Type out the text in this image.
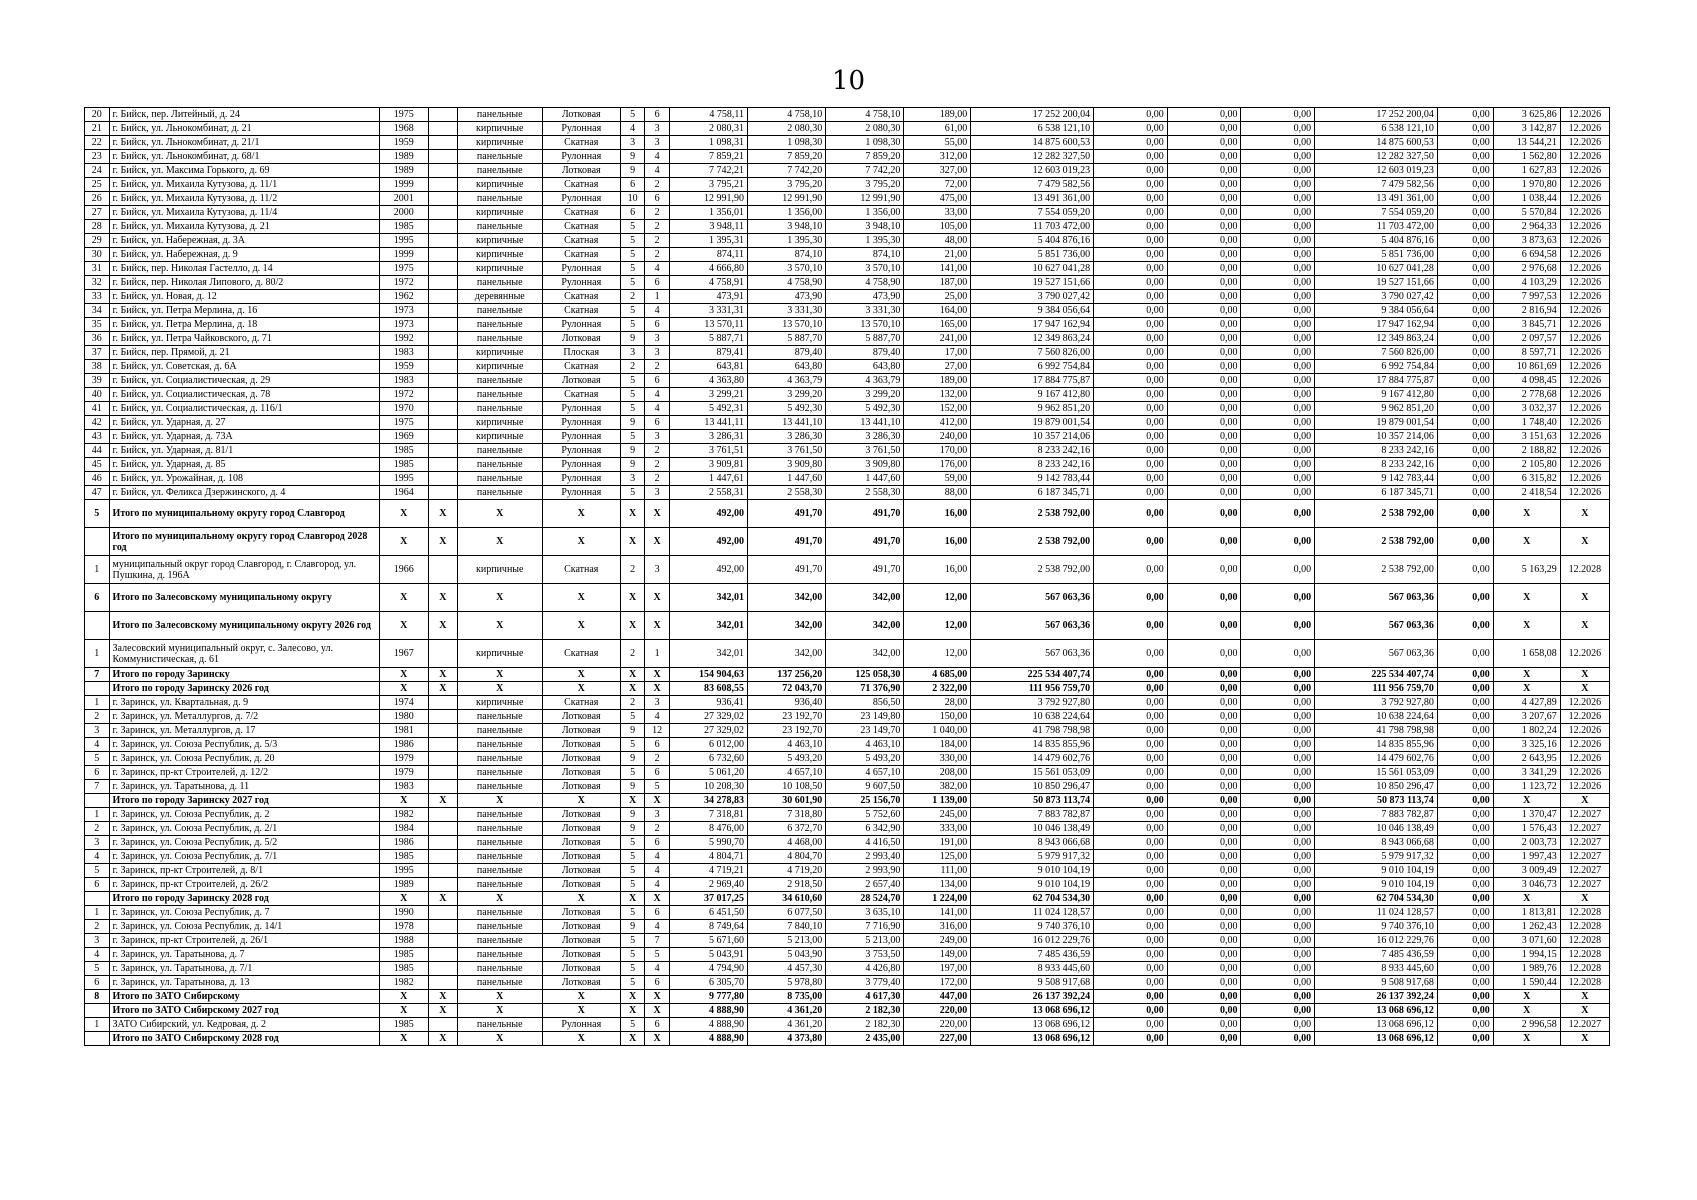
10
20	г. Бийск, пер. Литейный, д. 24	1975		панельные	Лотковая	5	6	4 758,11	4 758,10	4 758,10	189,00	17 252 200,04	0,00	0,00	0,00	17 252 200,04	0,00	3 625,86	12.2026
21	г. Бийск, ул. Льнокомбинат, д. 21	1968		кирпичные	Рулонная	4	3	2 080,31	2 080,30	2 080,30	61,00	6 538 121,10	0,00	0,00	0,00	6 538 121,10	0,00	3 142,87	12.2026
22	г. Бийск, ул. Льнокомбинат, д. 21/1	1959		кирпичные	Скатная	3	3	1 098,31	1 098,30	1 098,30	55,00	14 875 600,53	0,00	0,00	0,00	14 875 600,53	0,00	13 544,21	12.2026
23	г. Бийск, ул. Льнокомбинат, д. 68/1	1989		панельные	Рулонная	9	4	7 859,21	7 859,20	7 859,20	312,00	12 282 327,50	0,00	0,00	0,00	12 282 327,50	0,00	1 562,80	12.2026
24	г. Бийск, ул. Максима Горького, д. 69	1989		панельные	Лотковая	9	4	7 742,21	7 742,20	7 742,20	327,00	12 603 019,23	0,00	0,00	0,00	12 603 019,23	0,00	1 627,83	12.2026
25	г. Бийск, ул. Михаила Кутузова, д. 11/1	1999		кирпичные	Скатная	6	2	3 795,21	3 795,20	3 795,20	72,00	7 479 582,56	0,00	0,00	0,00	7 479 582,56	0,00	1 970,80	12.2026
26	г. Бийск, ул. Михаила Кутузова, д. 11/2	2001		панельные	Рулонная	10	6	12 991,90	12 991,90	12 991,90	475,00	13 491 361,00	0,00	0,00	0,00	13 491 361,00	0,00	1 038,44	12.2026
27	г. Бийск, ул. Михаила Кутузова, д. 11/4	2000		кирпичные	Скатная	6	2	1 356,01	1 356,00	1 356,00	33,00	7 554 059,20	0,00	0,00	0,00	7 554 059,20	0,00	5 570,84	12.2026
28	г. Бийск, ул. Михаила Кутузова, д. 21	1985		панельные	Скатная	5	2	3 948,11	3 948,10	3 948,10	105,00	11 703 472,00	0,00	0,00	0,00	11 703 472,00	0,00	2 964,33	12.2026
29	г. Бийск, ул. Набережная, д. 3А	1995		кирпичные	Скатная	5	2	1 395,31	1 395,30	1 395,30	48,00	5 404 876,16	0,00	0,00	0,00	5 404 876,16	0,00	3 873,63	12.2026
30	г. Бийск, ул. Набережная, д. 9	1999		кирпичные	Скатная	5	2	874,11	874,10	874,10	21,00	5 851 736,00	0,00	0,00	0,00	5 851 736,00	0,00	6 694,58	12.2026
31	г. Бийск, пер. Николая Гастелло, д. 14	1975		кирпичные	Рулонная	5	4	4 666,80	3 570,10	3 570,10	141,00	10 627 041,28	0,00	0,00	0,00	10 627 041,28	0,00	2 976,68	12.2026
32	г. Бийск, пер. Николая Липового, д. 80/2	1972		панельные	Рулонная	5	6	4 758,91	4 758,90	4 758,90	187,00	19 527 151,66	0,00	0,00	0,00	19 527 151,66	0,00	4 103,29	12.2026
33	г. Бийск, ул. Новая, д. 12	1962		деревянные	Скатная	2	1	473,91	473,90	473,90	25,00	3 790 027,42	0,00	0,00	0,00	3 790 027,42	0,00	7 997,53	12.2026
34	г. Бийск, ул. Петра Мерлина, д. 16	1973		панельные	Скатная	5	4	3 331,31	3 331,30	3 331,30	164,00	9 384 056,64	0,00	0,00	0,00	9 384 056,64	0,00	2 816,94	12.2026
35	г. Бийск, ул. Петра Мерлина, д. 18	1973		панельные	Рулонная	5	6	13 570,11	13 570,10	13 570,10	165,00	17 947 162,94	0,00	0,00	0,00	17 947 162,94	0,00	3 845,71	12.2026
36	г. Бийск, ул. Петра Чайковского, д. 71	1992		панельные	Лотковая	9	3	5 887,71	5 887,70	5 887,70	241,00	12 349 863,24	0,00	0,00	0,00	12 349 863,24	0,00	2 097,57	12.2026
37	г. Бийск, пер. Прямой, д. 21	1983		кирпичные	Плоская	3	3	879,41	879,40	879,40	17,00	7 560 826,00	0,00	0,00	0,00	7 560 826,00	0,00	8 597,71	12.2026
38	г. Бийск, ул. Советская, д. 6А	1959		кирпичные	Скатная	2	2	643,81	643,80	643,80	27,00	6 992 754,84	0,00	0,00	0,00	6 992 754,84	0,00	10 861,69	12.2026
39	г. Бийск, ул. Социалистическая, д. 29	1983		панельные	Лотковая	5	6	4 363,80	4 363,79	4 363,79	189,00	17 884 775,87	0,00	0,00	0,00	17 884 775,87	0,00	4 098,45	12.2026
40	г. Бийск, ул. Социалистическая, д. 78	1972		панельные	Скатная	5	4	3 299,21	3 299,20	3 299,20	132,00	9 167 412,80	0,00	0,00	0,00	9 167 412,80	0,00	2 778,68	12.2026
41	г. Бийск, ул. Социалистическая, д. 116/1	1970		панельные	Рулонная	5	4	5 492,31	5 492,30	5 492,30	152,00	9 962 851,20	0,00	0,00	0,00	9 962 851,20	0,00	3 032,37	12.2026
42	г. Бийск, ул. Ударная, д. 27	1975		кирпичные	Рулонная	9	6	13 441,11	13 441,10	13 441,10	412,00	19 879 001,54	0,00	0,00	0,00	19 879 001,54	0,00	1 748,40	12.2026
43	г. Бийск, ул. Ударная, д. 73А	1969		кирпичные	Рулонная	5	3	3 286,31	3 286,30	3 286,30	240,00	10 357 214,06	0,00	0,00	0,00	10 357 214,06	0,00	3 151,63	12.2026
44	г. Бийск, ул. Ударная, д. 81/1	1985		панельные	Рулонная	9	2	3 761,51	3 761,50	3 761,50	170,00	8 233 242,16	0,00	0,00	0,00	8 233 242,16	0,00	2 188,82	12.2026
45	г. Бийск, ул. Ударная, д. 85	1985		панельные	Рулонная	9	2	3 909,81	3 909,80	3 909,80	176,00	8 233 242,16	0,00	0,00	0,00	8 233 242,16	0,00	2 105,80	12.2026
46	г. Бийск, ул. Урожайная, д. 108	1995		панельные	Рулонная	3	2	1 447,61	1 447,60	1 447,60	59,00	9 142 783,44	0,00	0,00	0,00	9 142 783,44	0,00	6 315,82	12.2026
47	г. Бийск, ул. Феликса Дзержинского, д. 4	1964		панельные	Рулонная	5	3	2 558,31	2 558,30	2 558,30	88,00	6 187 345,71	0,00	0,00	0,00	6 187 345,71	0,00	2 418,54	12.2026
5	Итого по муниципальному округу город Славгород	X	X	X	X	X	X	492,00	491,70	491,70	16,00	2 538 792,00	0,00	0,00	0,00	2 538 792,00	0,00	X	X
	Итого по муниципальному округу город Славгород 2028 год	X	X	X	X	X	X	492,00	491,70	491,70	16,00	2 538 792,00	0,00	0,00	0,00	2 538 792,00	0,00	X	X
1	муниципальный округ город Славгород, г. Славгород, ул. Пушкина, д. 196А	1966		кирпичные	Скатная	2	3	492,00	491,70	491,70	16,00	2 538 792,00	0,00	0,00	0,00	2 538 792,00	0,00	5 163,29	12.2028
6	Итого по Залесовскому муниципальному округу	X	X	X	X	X	X	342,01	342,00	342,00	12,00	567 063,36	0,00	0,00	0,00	567 063,36	0,00	X	X
	Итого по Залесовскому муниципальному округу 2026 год	X	X	X	X	X	X	342,01	342,00	342,00	12,00	567 063,36	0,00	0,00	0,00	567 063,36	0,00	X	X
1	Залесовский муниципальный округ, с. Залесово, ул. Коммунистическая, д. 61	1967		кирпичные	Скатная	2	1	342,01	342,00	342,00	12,00	567 063,36	0,00	0,00	0,00	567 063,36	0,00	1 658,08	12.2026
7	Итого по городу Заринску	X	X	X	X	X	X	154 904,63	137 256,20	125 058,30	4 685,00	225 534 407,74	0,00	0,00	0,00	225 534 407,74	0,00	X	X
	Итого по городу Заринску 2026 год	X	X	X	X	X	X	83 608,55	72 043,70	71 376,90	2 322,00	111 956 759,70	0,00	0,00	0,00	111 956 759,70	0,00	X	X
1	г. Заринск, ул. Квартальная, д. 9	1974		кирпичные	Скатная	2	3	936,41	936,40	856,50	28,00	3 792 927,80	0,00	0,00	0,00	3 792 927,80	0,00	4 427,89	12.2026
2	г. Заринск, ул. Металлургов, д. 7/2	1980		панельные	Лотковая	5	4	27 329,02	23 192,70	23 149,80	150,00	10 638 224,64	0,00	0,00	0,00	10 638 224,64	0,00	3 207,67	12.2026
3	г. Заринск, ул. Металлургов, д. 17	1981		панельные	Лотковая	9	12	27 329,02	23 192,70	23 149,70	1 040,00	41 798 798,98	0,00	0,00	0,00	41 798 798,98	0,00	1 802,24	12.2026
4	г. Заринск, ул. Союза Республик, д. 5/3	1986		панельные	Лотковая	5	6	6 012,00	4 463,10	4 463,10	184,00	14 835 855,96	0,00	0,00	0,00	14 835 855,96	0,00	3 325,16	12.2026
5	г. Заринск, ул. Союза Республик, д. 20	1979		панельные	Лотковая	9	2	6 732,60	5 493,20	5 493,20	330,00	14 479 602,76	0,00	0,00	0,00	14 479 602,76	0,00	2 643,95	12.2026
6	г. Заринск, пр-кт Строителей, д. 12/2	1979		панельные	Лотковая	5	6	5 061,20	4 657,10	4 657,10	208,00	15 561 053,09	0,00	0,00	0,00	15 561 053,09	0,00	3 341,29	12.2026
7	г. Заринск, ул. Таратынова, д. 11	1983		панельные	Лотковая	9	5	10 208,30	10 108,50	9 607,50	382,00	10 850 296,47	0,00	0,00	0,00	10 850 296,47	0,00	1 123,72	12.2026
	Итого по городу Заринску 2027 год	X	X	X	X	X	X	34 278,83	30 601,90	25 156,70	1 139,00	50 873 113,74	0,00	0,00	0,00	50 873 113,74	0,00	X	X
1	г. Заринск, ул. Союза Республик, д. 2	1982		панельные	Лотковая	9	3	7 318,81	7 318,80	5 752,60	245,00	7 883 782,87	0,00	0,00	0,00	7 883 782,87	0,00	1 370,47	12.2027
2	г. Заринск, ул. Союза Республик, д. 2/1	1984		панельные	Лотковая	9	2	8 476,00	6 372,70	6 342,90	333,00	10 046 138,49	0,00	0,00	0,00	10 046 138,49	0,00	1 576,43	12.2027
3	г. Заринск, ул. Союза Республик, д. 5/2	1986		панельные	Лотковая	5	6	5 990,70	4 468,00	4 416,50	191,00	8 943 066,68	0,00	0,00	0,00	8 943 066,68	0,00	2 003,73	12.2027
4	г. Заринск, ул. Союза Республик, д. 7/1	1985		панельные	Лотковая	5	4	4 804,71	4 804,70	2 993,40	125,00	5 979 917,32	0,00	0,00	0,00	5 979 917,32	0,00	1 997,43	12.2027
5	г. Заринск, пр-кт Строителей, д. 8/1	1995		панельные	Лотковая	5	4	4 719,21	4 719,20	2 993,90	111,00	9 010 104,19	0,00	0,00	0,00	9 010 104,19	0,00	3 009,49	12.2027
6	г. Заринск, пр-кт Строителей, д. 26/2	1989		панельные	Лотковая	5	4	2 969,40	2 918,50	2 657,40	134,00	9 010 104,19	0,00	0,00	0,00	9 010 104,19	0,00	3 046,73	12.2027
	Итого по городу Заринску 2028 год	X	X	X	X	X	X	37 017,25	34 610,60	28 524,70	1 224,00	62 704 534,30	0,00	0,00	0,00	62 704 534,30	0,00	X	X
1	г. Заринск, ул. Союза Республик, д. 7	1990		панельные	Лотковая	5	6	6 451,50	6 077,50	3 635,10	141,00	11 024 128,57	0,00	0,00	0,00	11 024 128,57	0,00	1 813,81	12.2028
2	г. Заринск, ул. Союза Республик, д. 14/1	1978		панельные	Лотковая	9	4	8 749,64	7 840,10	7 716,90	316,00	9 740 376,10	0,00	0,00	0,00	9 740 376,10	0,00	1 262,43	12.2028
3	г. Заринск, пр-кт Строителей, д. 26/1	1988		панельные	Лотковая	5	7	5 671,60	5 213,00	5 213,00	249,00	16 012 229,76	0,00	0,00	0,00	16 012 229,76	0,00	3 071,60	12.2028
4	г. Заринск, ул. Таратынова, д. 7	1985		панельные	Лотковая	5	5	5 043,91	5 043,90	3 753,50	149,00	7 485 436,59	0,00	0,00	0,00	7 485 436,59	0,00	1 994,15	12.2028
5	г. Заринск, ул. Таратынова, д. 7/1	1985		панельные	Лотковая	5	4	4 794,90	4 457,30	4 426,80	197,00	8 933 445,60	0,00	0,00	0,00	8 933 445,60	0,00	1 989,76	12.2028
6	г. Заринск, ул. Таратынова, д. 13	1982		панельные	Лотковая	5	6	6 305,70	5 978,80	3 779,40	172,00	9 508 917,68	0,00	0,00	0,00	9 508 917,68	0,00	1 590,44	12.2028
8	Итого по ЗАТО Сибирскому	X	X	X	X	X	X	9 777,80	8 735,00	4 617,30	447,00	26 137 392,24	0,00	0,00	0,00	26 137 392,24	0,00	X	X
	Итого по ЗАТО Сибирскому 2027 год	X	X	X	X	X	X	4 888,90	4 361,20	2 182,30	220,00	13 068 696,12	0,00	0,00	0,00	13 068 696,12	0,00	X	X
1	ЗАТО Сибирский, ул. Кедровая, д. 2	1985		панельные	Рулонная	5	6	4 888,90	4 361,20	2 182,30	220,00	13 068 696,12	0,00	0,00	0,00	13 068 696,12	0,00	2 996,58	12.2027
	Итого по ЗАТО Сибирскому 2028 год	X	X	X	X	X	X	4 888,90	4 373,80	2 435,00	227,00	13 068 696,12	0,00	0,00	0,00	13 068 696,12	0,00	X	X
